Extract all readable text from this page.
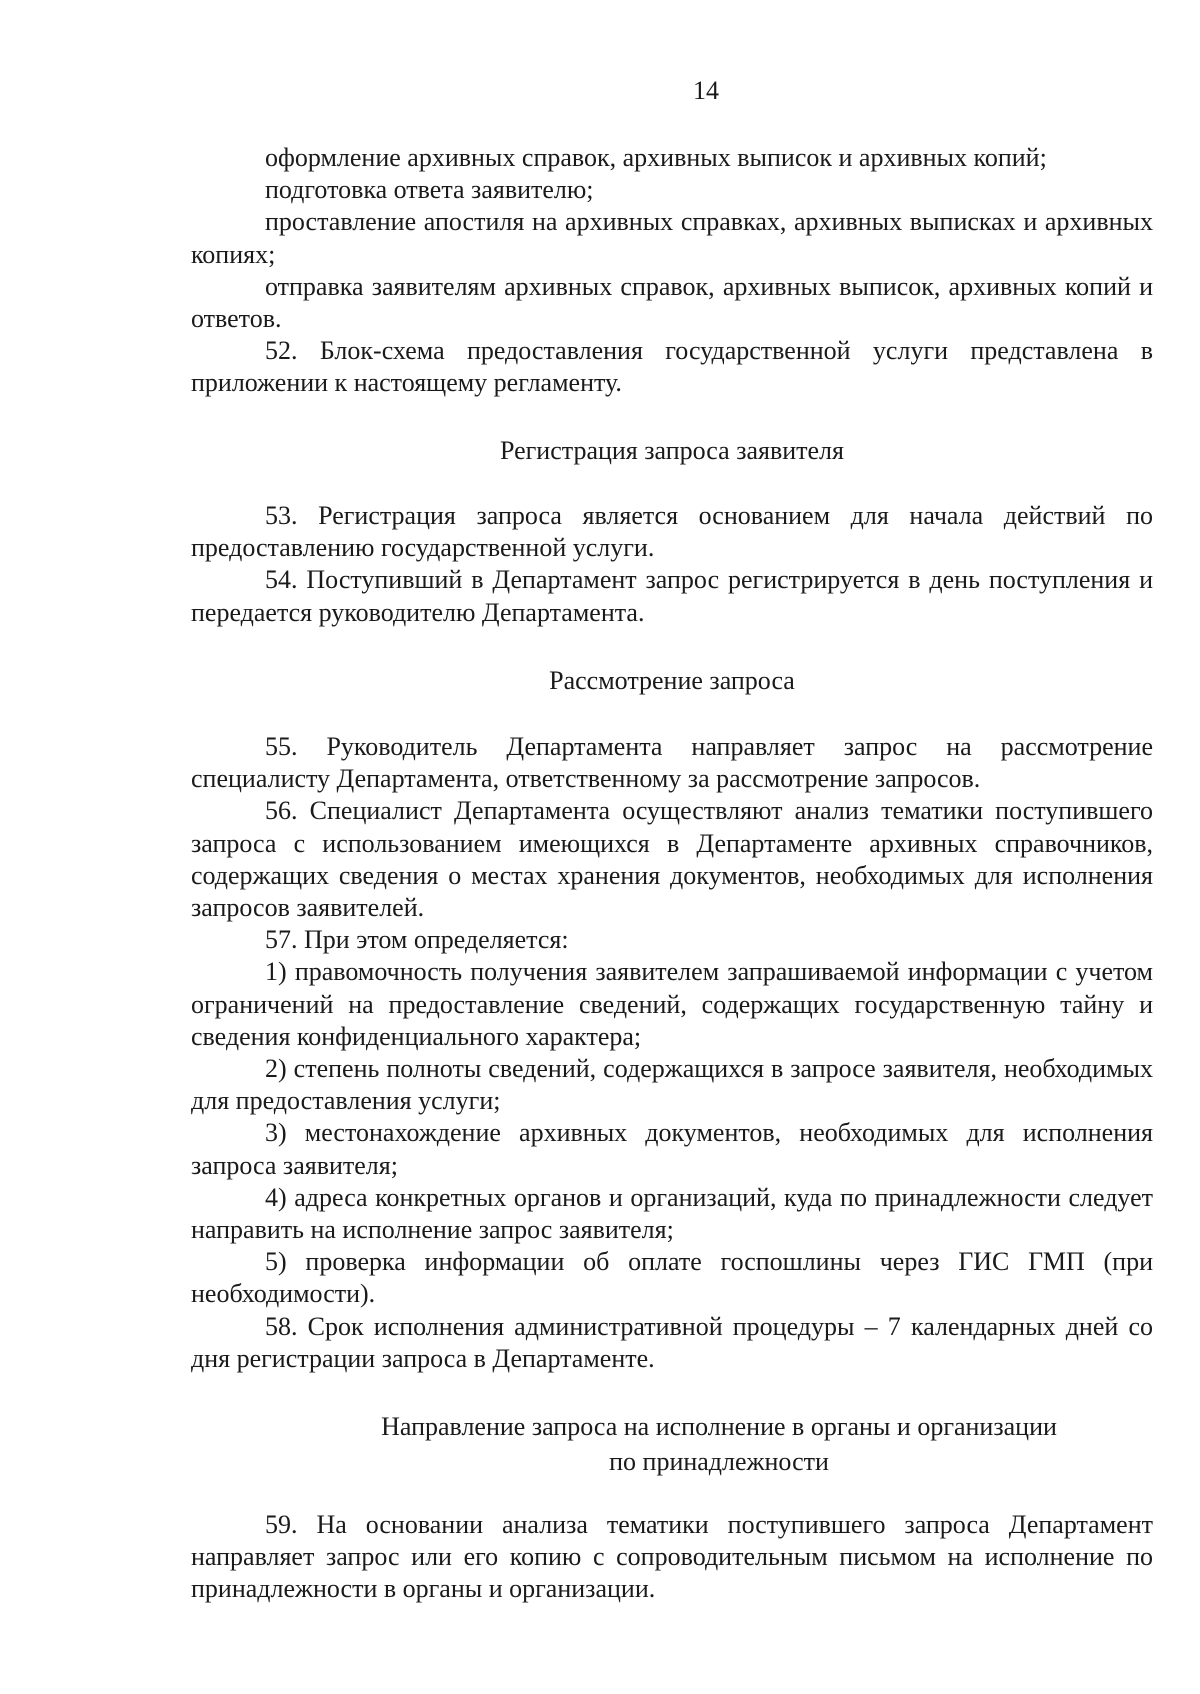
14

оформление архивных справок, архивных выписок и архивных копий;

подготовка ответа заявителю;

проставление апостиля на архивных справках, архивных выписках и архивных копиях;

отправка заявителям архивных справок, архивных выписок, архивных копий и ответов.

52. Блок-схема предоставления государственной услуги представлена в приложении к настоящему регламенту.

Регистрация запроса заявителя

53. Регистрация запроса является основанием для начала действий по предоставлению государственной услуги.

54. Поступивший в Департамент запрос регистрируется в день поступления и передается руководителю Департамента.

Рассмотрение запроса

55. Руководитель Департамента направляет запрос на рассмотрение специалисту Департамента, ответственному за рассмотрение запросов.

56. Специалист Департамента осуществляют анализ тематики поступившего запроса с использованием имеющихся в Департаменте архивных справочников, содержащих сведения о местах хранения документов, необходимых для исполнения запросов заявителей.

57. При этом определяется:

1) правомочность получения заявителем запрашиваемой информации с учетом ограничений на предоставление сведений, содержащих государственную тайну и сведения конфиденциального характера;

2) степень полноты сведений, содержащихся в запросе заявителя, необходимых для предоставления услуги;

3) местонахождение архивных документов, необходимых для исполнения запроса заявителя;

4) адреса конкретных органов и организаций, куда по принадлежности следует направить на исполнение запрос заявителя;

5) проверка информации об оплате госпошлины через ГИС ГМП (при необходимости).

58. Срок исполнения административной процедуры – 7 календарных дней со дня регистрации запроса в Департаменте.

Направление запроса на исполнение в органы и организации
по принадлежности

59. На основании анализа тематики поступившего запроса Департамент направляет запрос или его копию с сопроводительным письмом на исполнение по принадлежности в органы и организации.
